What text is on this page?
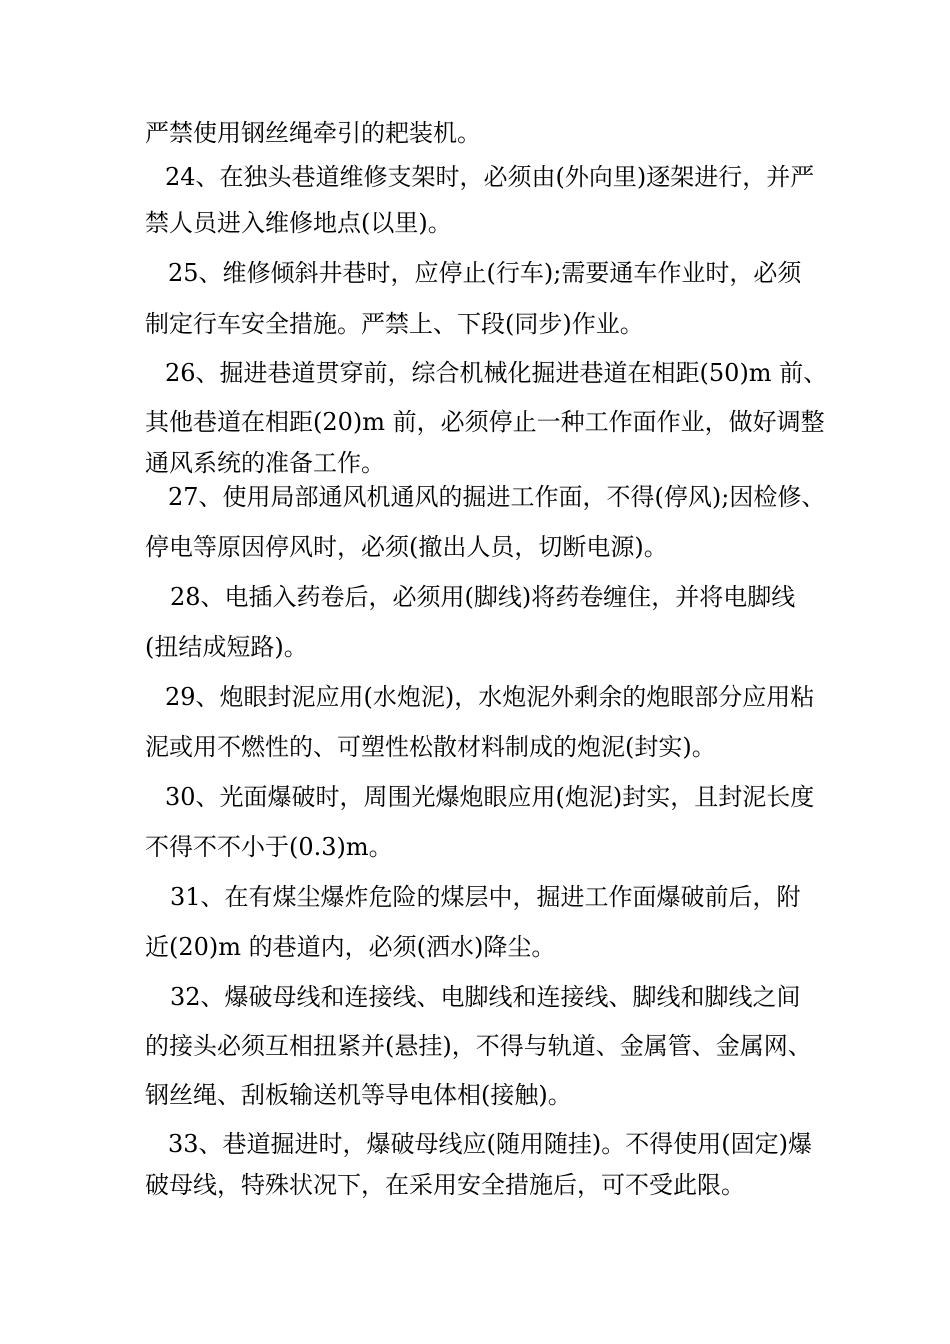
严禁使用钢丝绳牵引的耙装机。
24、在独头巷道维修支架时，必须由(外向里)逐架进行，并严
禁人员进入维修地点(以里)。
25、维修倾斜井巷时，应停止(行车);需要通车作业时，必须
制定行车安全措施。严禁上、下段(同步)作业。
26、掘进巷道贯穿前，综合机械化掘进巷道在相距(50)m 前、
其他巷道在相距(20)m 前，必须停止一种工作面作业，做好调整
通风系统的准备工作。
27、使用局部通风机通风的掘进工作面，不得(停风);因检修、
停电等原因停风时，必须(撤出人员，切断电源)。
28、电插入药卷后，必须用(脚线)将药卷缠住，并将电脚线
(扭结成短路)。
29、炮眼封泥应用(水炮泥)，水炮泥外剩余的炮眼部分应用粘
泥或用不燃性的、可塑性松散材料制成的炮泥(封实)。
30、光面爆破时，周围光爆炮眼应用(炮泥)封实，且封泥长度
不得不不小于(0.3)m。
31、在有煤尘爆炸危险的煤层中，掘进工作面爆破前后，附
近(20)m 的巷道内，必须(洒水)降尘。
32、爆破母线和连接线、电脚线和连接线、脚线和脚线之间
的接头必须互相扭紧并(悬挂)，不得与轨道、金属管、金属网、
钢丝绳、刮板输送机等导电体相(接触)。
33、巷道掘进时，爆破母线应(随用随挂)。不得使用(固定)爆
破母线，特殊状况下，在采用安全措施后，可不受此限。
